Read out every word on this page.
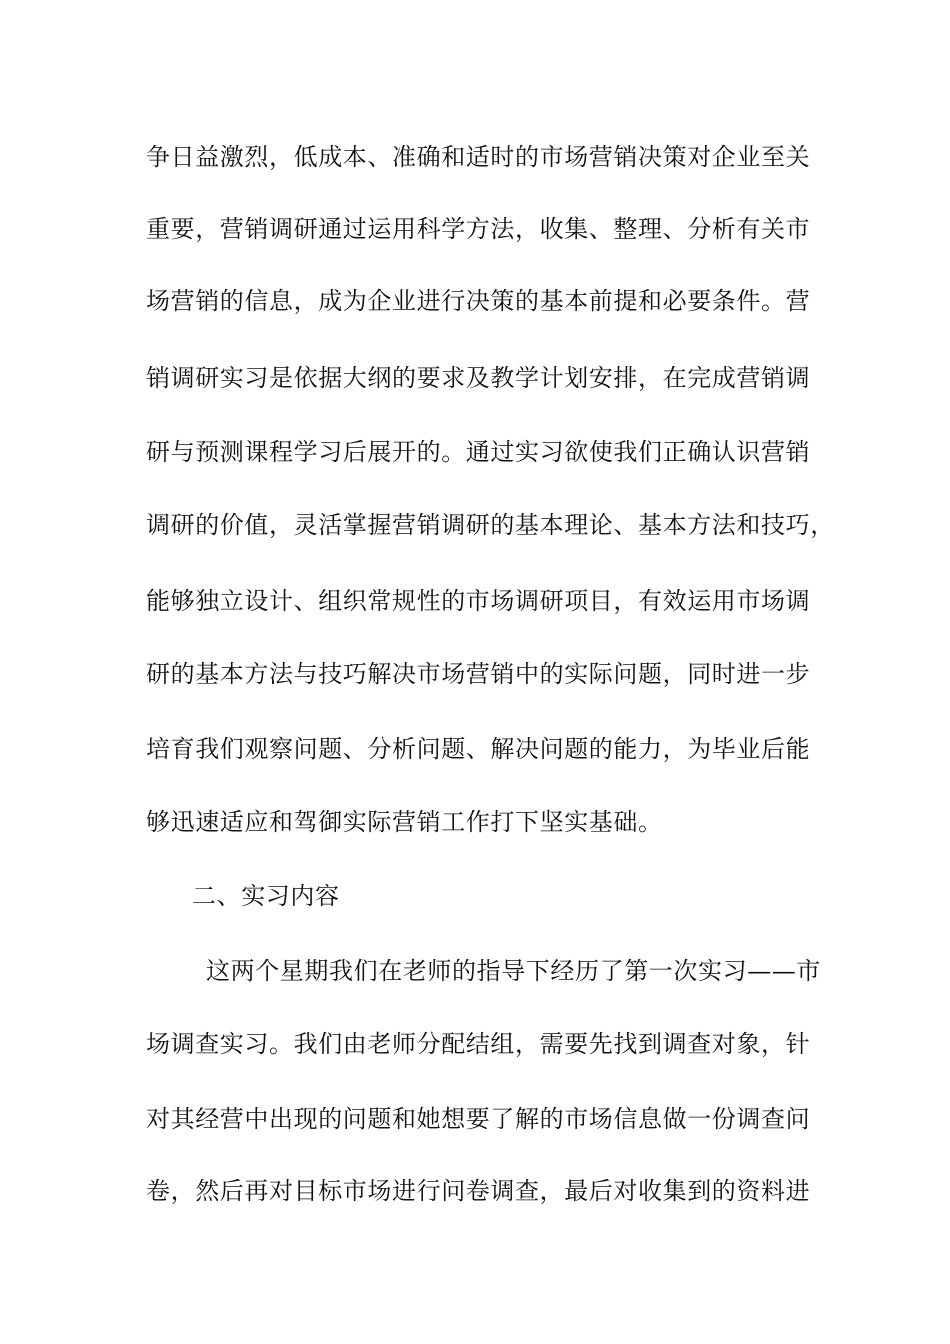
争日益激烈，低成本、准确和适时的市场营销决策对企业至关
重要，营销调研通过运用科学方法，收集、整理、分析有关市
场营销的信息，成为企业进行决策的基本前提和必要条件。营
销调研实习是依据大纲的要求及教学计划安排，在完成营销调
研与预测课程学习后展开的。通过实习欲使我们正确认识营销
调研的价值，灵活掌握营销调研的基本理论、基本方法和技巧，
能够独立设计、组织常规性的市场调研项目，有效运用市场调
研的基本方法与技巧解决市场营销中的实际问题，同时进一步
培育我们观察问题、分析问题、解决问题的能力，为毕业后能
够迅速适应和驾御实际营销工作打下坚实基础。
二、实习内容
这两个星期我们在老师的指导下经历了第一次实习——市
场调查实习。我们由老师分配结组，需要先找到调查对象，针
对其经营中出现的问题和她想要了解的市场信息做一份调查问
卷，然后再对目标市场进行问卷调查，最后对收集到的资料进
